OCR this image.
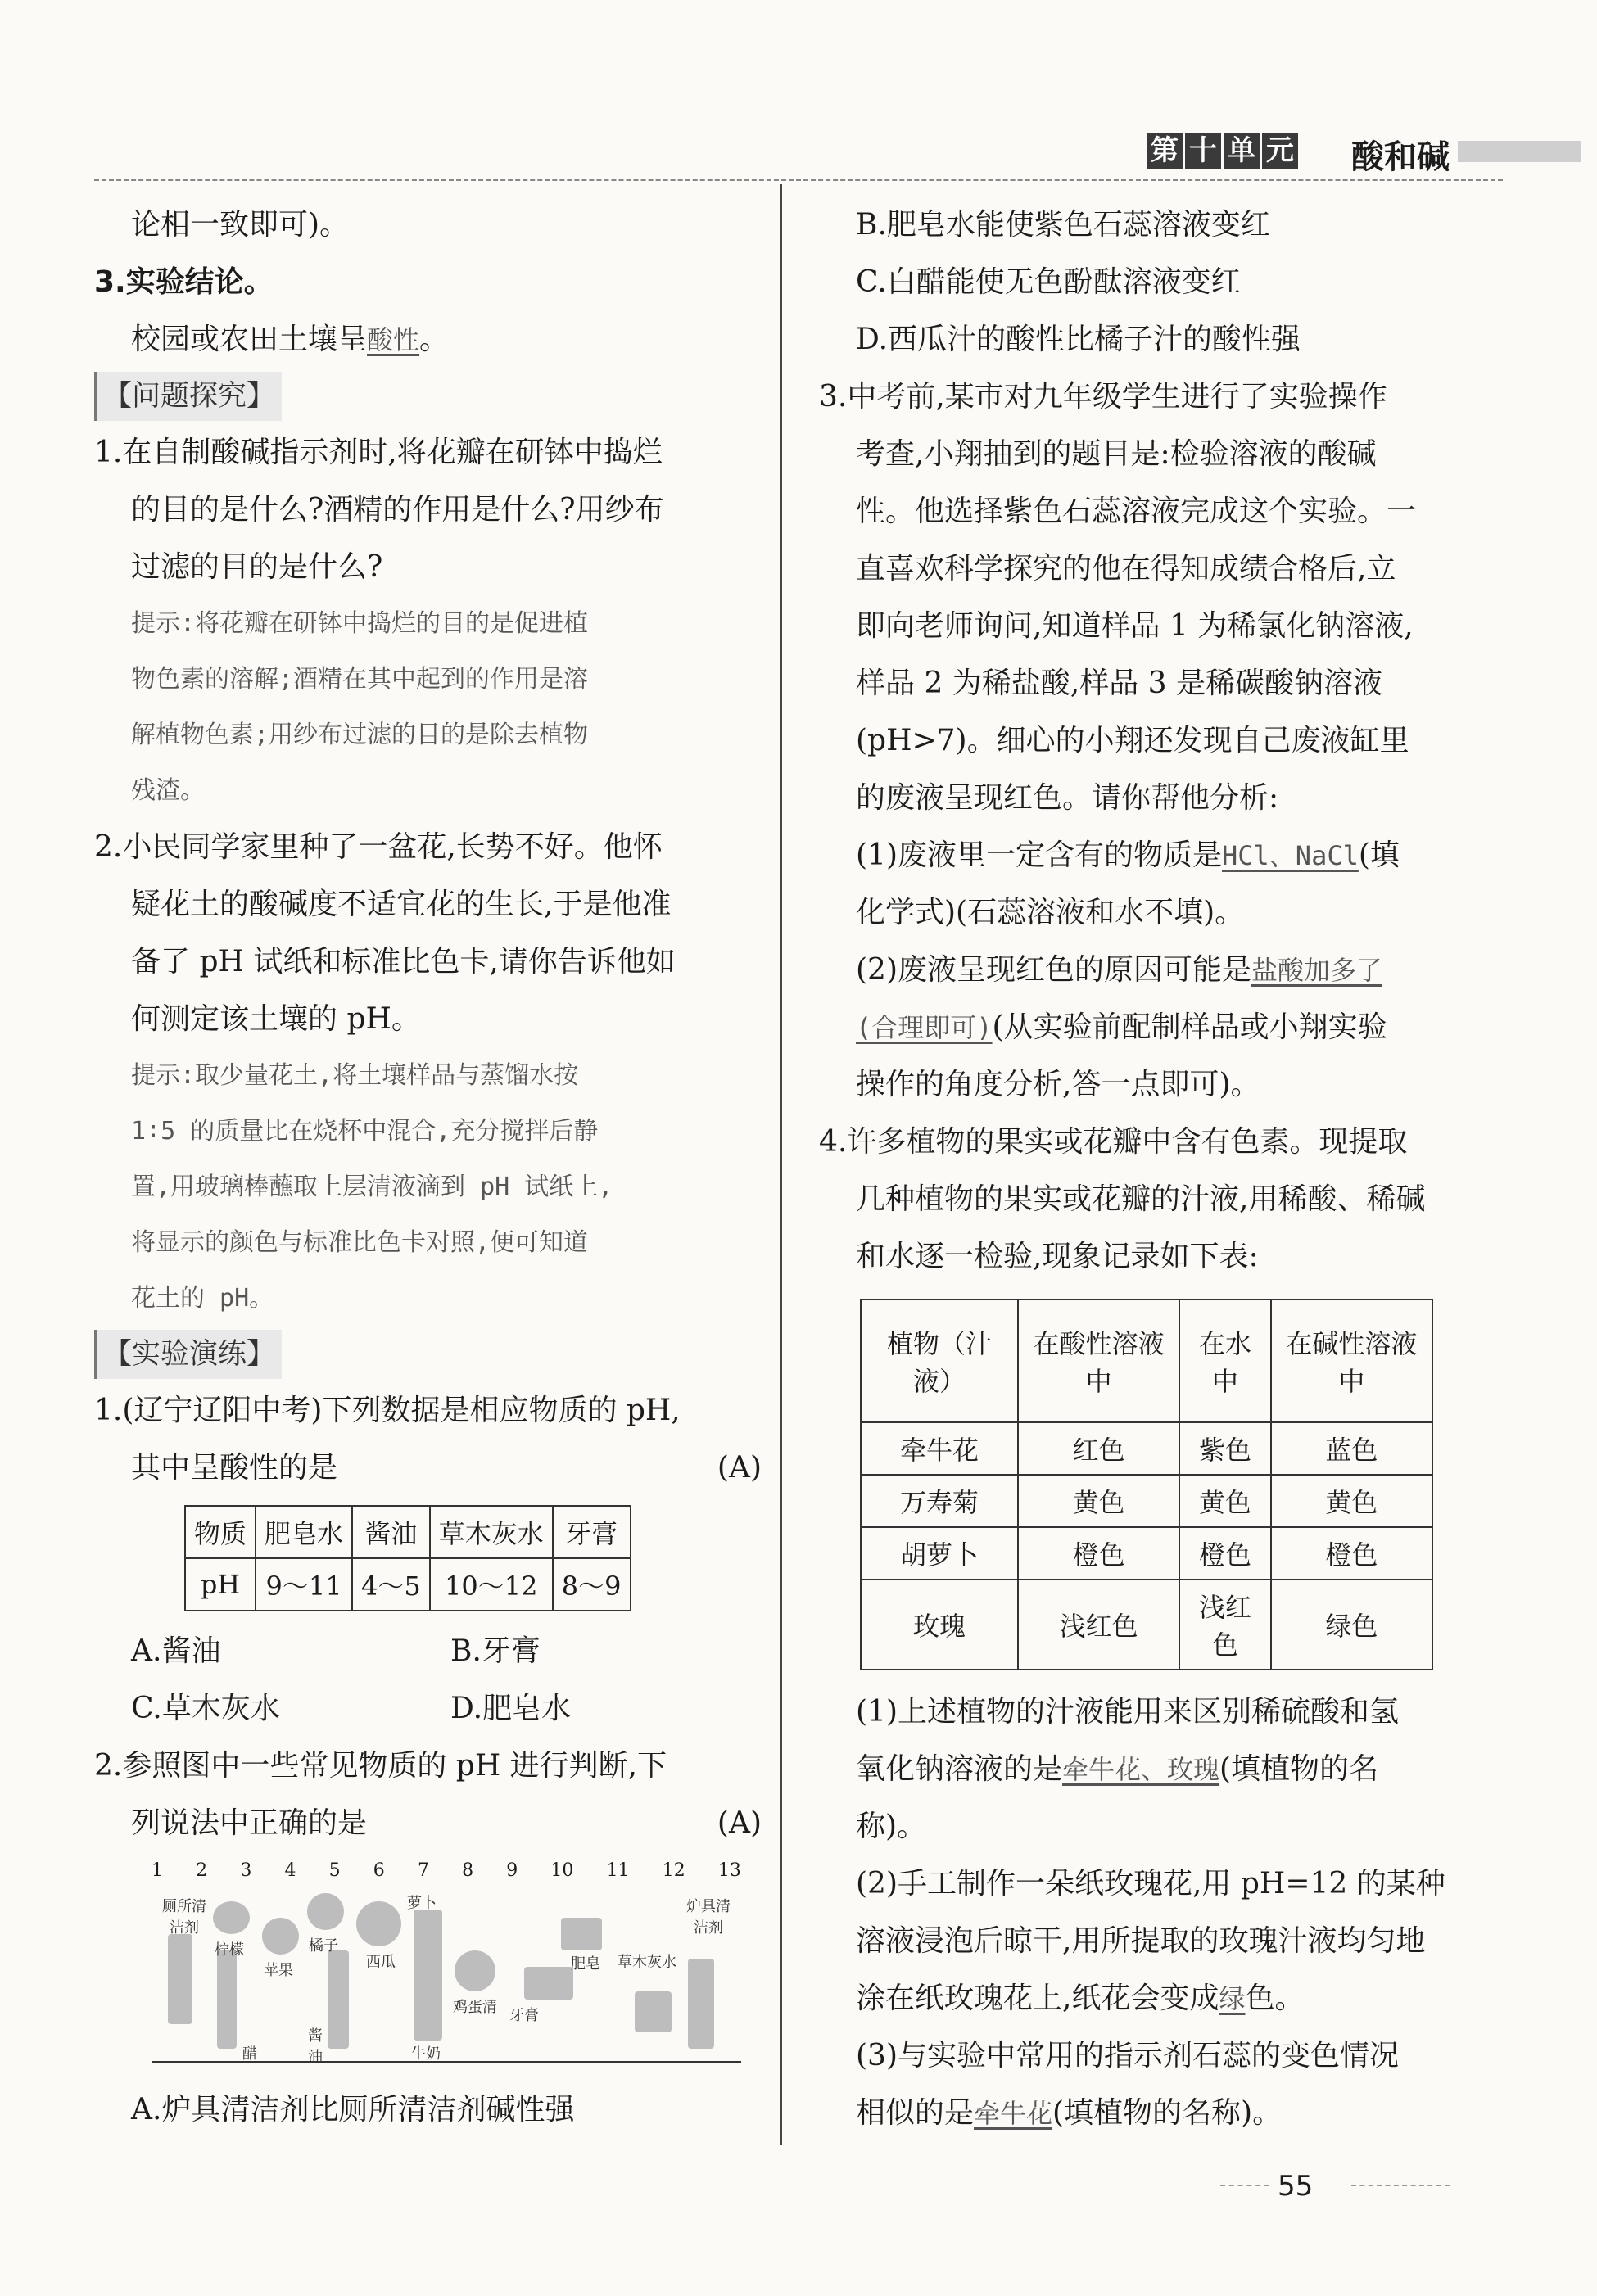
第 十 单 元 酸和碱
论相一致即可)。
3.实验结论。
校园或农田土壤呈酸性。
【问题探究】
1.在自制酸碱指示剂时,将花瓣在研钵中捣烂
的目的是什么?酒精的作用是什么?用纱布
过滤的目的是什么?
提示:将花瓣在研钵中捣烂的目的是促进植
物色素的溶解;酒精在其中起到的作用是溶
解植物色素;用纱布过滤的目的是除去植物
残渣。
2.小民同学家里种了一盆花,长势不好。他怀
疑花土的酸碱度不适宜花的生长,于是他准
备了 pH 试纸和标准比色卡,请你告诉他如
何测定该土壤的 pH。
提示:取少量花土,将土壤样品与蒸馏水按
1∶5 的质量比在烧杯中混合,充分搅拌后静
置,用玻璃棒蘸取上层清液滴到 pH 试纸上,
将显示的颜色与标准比色卡对照,便可知道
花土的 pH。
【实验演练】
1.(辽宁辽阳中考)下列数据是相应物质的 pH,
其中呈酸性的是	(A)
物质	肥皂水	酱油	草木灰水	牙膏
pH	9～11	4～5	10～12	8～9
A.酱油	B.牙膏
C.草木灰水	D.肥皂水
2.参照图中一些常见物质的 pH 进行判断,下
列说法中正确的是	(A)
1 2 3 4 5 6 7 8 9 10 11 12 13
厕所清洁剂
柠檬	橘子
苹果
醋
酱油
西瓜
萝卜
牛奶
鸡蛋清 牙膏
肥皂	草木灰水
炉具清洁剂
A.炉具清洁剂比厕所清洁剂碱性强
B.肥皂水能使紫色石蕊溶液变红
C.白醋能使无色酚酞溶液变红
D.西瓜汁的酸性比橘子汁的酸性强
3.中考前,某市对九年级学生进行了实验操作
考查,小翔抽到的题目是:检验溶液的酸碱
性。他选择紫色石蕊溶液完成这个实验。一
直喜欢科学探究的他在得知成绩合格后,立
即向老师询问,知道样品 1 为稀氯化钠溶液,
样品 2 为稀盐酸,样品 3 是稀碳酸钠溶液
(pH>7)。细心的小翔还发现自己废液缸里
的废液呈现红色。请你帮他分析:
(1)废液里一定含有的物质是HCl、NaCl(填
化学式)(石蕊溶液和水不填)。
(2)废液呈现红色的原因可能是盐酸加多了
(合理即可)(从实验前配制样品或小翔实验
操作的角度分析,答一点即可)。
4.许多植物的果实或花瓣中含有色素。现提取
几种植物的果实或花瓣的汁液,用稀酸、稀碱
和水逐一检验,现象记录如下表:
植物（汁液）	在酸性溶液中	在水中	在碱性溶液中
牵牛花	红色	紫色	蓝色
万寿菊	黄色	黄色	黄色
胡萝卜	橙色	橙色	橙色
玫瑰	浅红色	浅红色	绿色
(1)上述植物的汁液能用来区别稀硫酸和氢
氧化钠溶液的是牵牛花、玫瑰(填植物的名
称)。
(2)手工制作一朵纸玫瑰花,用 pH=12 的某种
溶液浸泡后晾干,用所提取的玫瑰汁液均匀地
涂在纸玫瑰花上,纸花会变成绿色。
(3)与实验中常用的指示剂石蕊的变色情况
相似的是牵牛花(填植物的名称)。
55
